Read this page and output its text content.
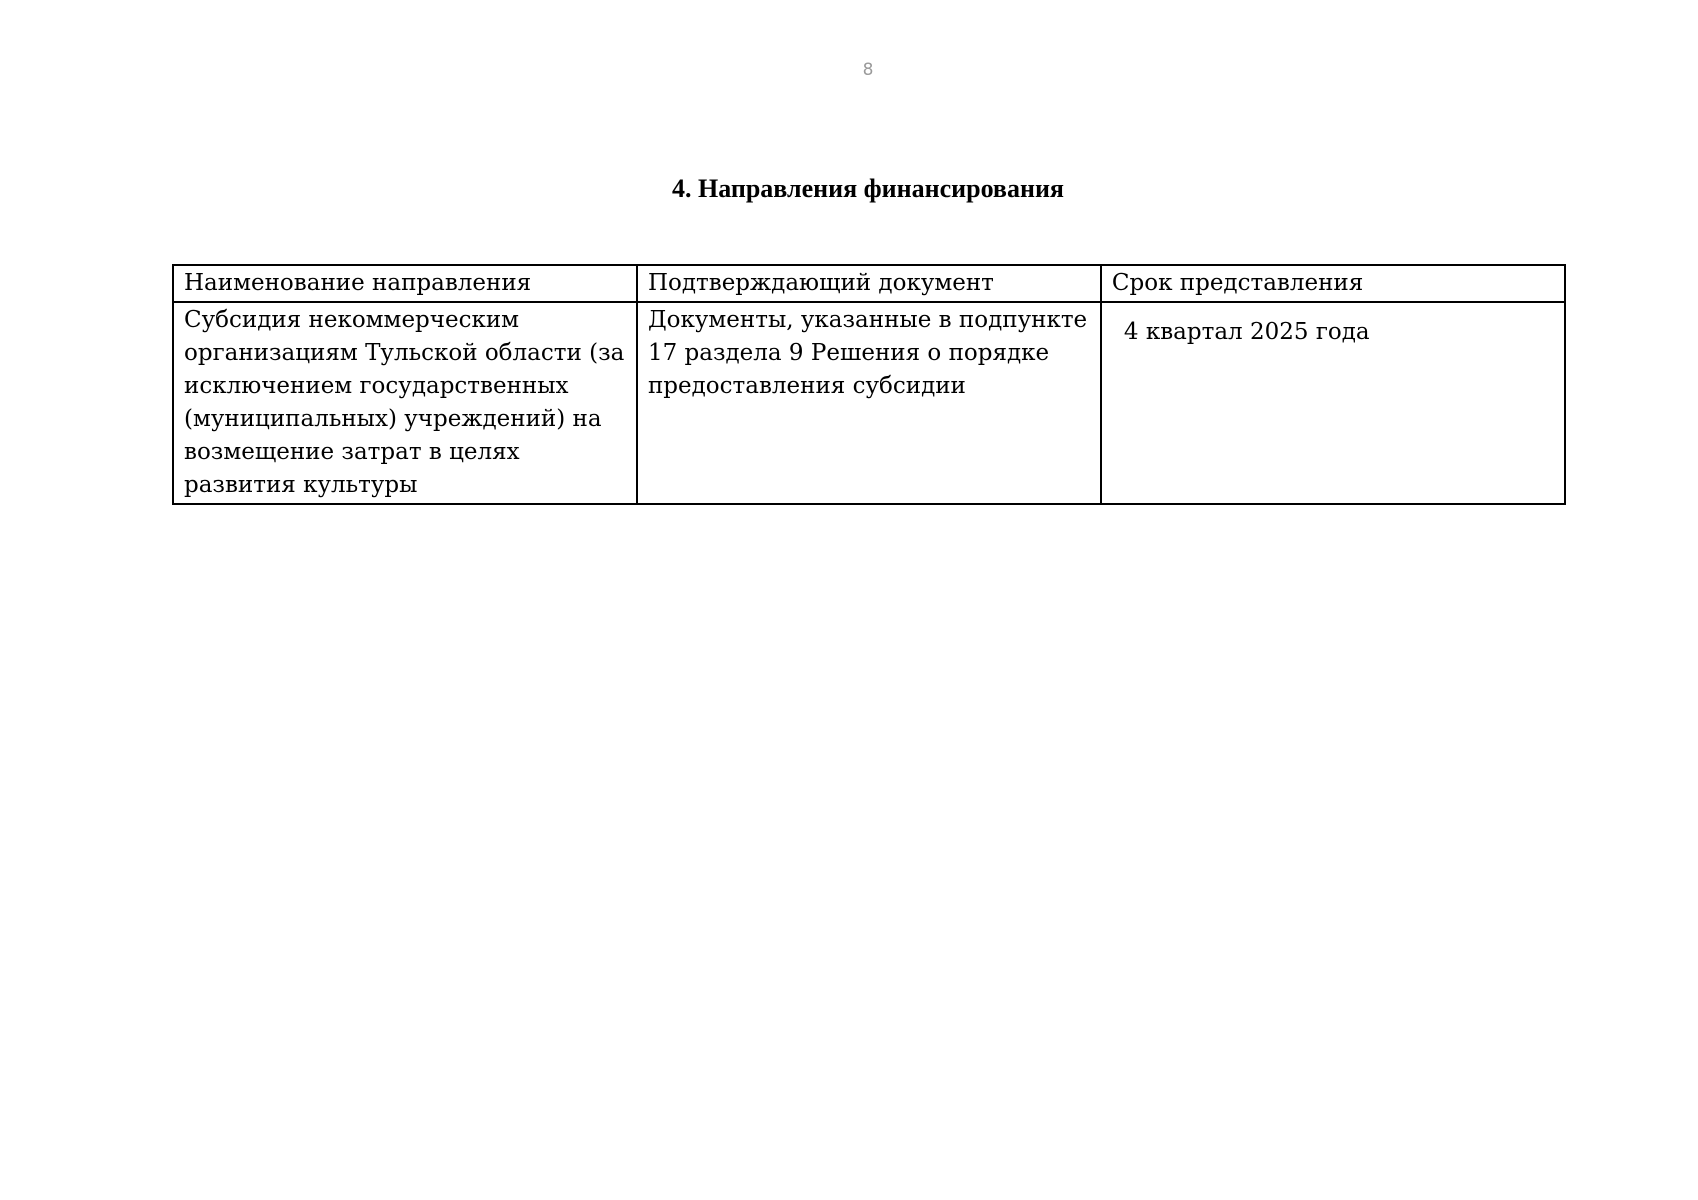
8
4. Направления финансирования
Наименование направления	Подтверждающий документ	Срок представления
Субсидия некоммерческим организациям Тульской области (за исключением государственных (муниципальных) учреждений) на возмещение затрат в целях развития культуры	Документы, указанные в подпункте 17 раздела 9 Решения о порядке предоставления субсидии	4 квартал 2025 года
